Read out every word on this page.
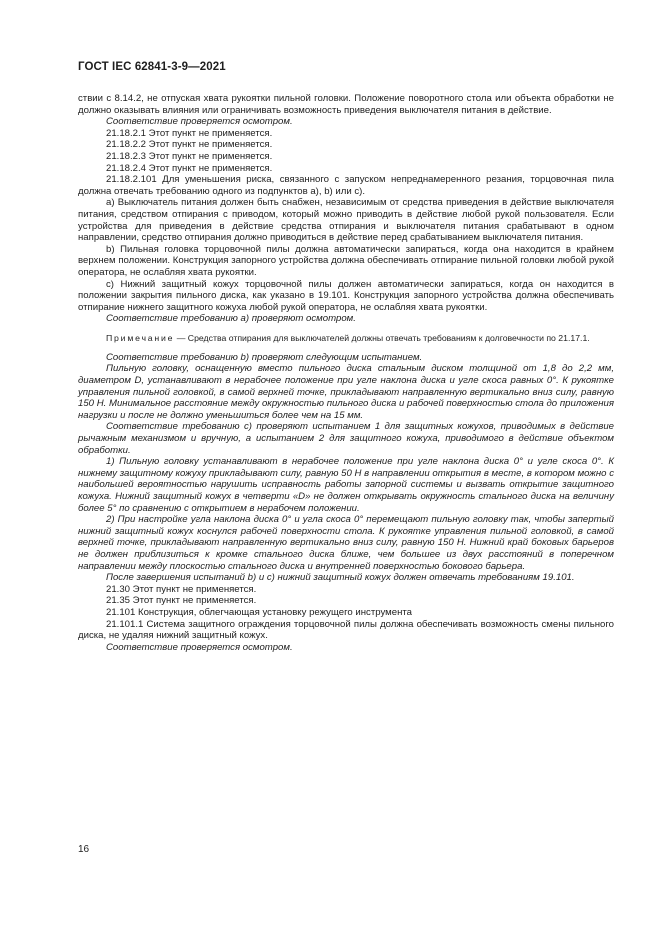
ГОСТ IEC 62841-3-9—2021

ствии с 8.14.2, не отпуская хвата рукоятки пильной головки. Положение поворотного стола или объекта обработки не должно оказывать влияния или ограничивать возможность приведения выключателя питания в действие.

Соответствие проверяется осмотром.

21.18.2.1 Этот пункт не применяется.

21.18.2.2 Этот пункт не применяется.

21.18.2.3 Этот пункт не применяется.

21.18.2.4 Этот пункт не применяется.

21.18.2.101 Для уменьшения риска, связанного с запуском непреднамеренного резания, торцовочная пила должна отвечать требованию одного из подпунктов a), b) или с).

a) Выключатель питания должен быть снабжен, независимым от средства приведения в действие выключателя питания, средством отпирания с приводом, который можно приводить в действие любой рукой пользователя. Если устройства для приведения в действие средства отпирания и выключателя питания срабатывают в одном направлении, средство отпирания должно приводиться в действие перед срабатыванием выключателя питания.

b) Пильная головка торцовочной пилы должна автоматически запираться, когда она находится в крайнем верхнем положении. Конструкция запорного устройства должна обеспечивать отпирание пильной головки любой рукой оператора, не ослабляя хвата рукоятки.

c) Нижний защитный кожух торцовочной пилы должен автоматически запираться, когда он находится в положении закрытия пильного диска, как указано в 19.101. Конструкция запорного устройства должна обеспечивать отпирание нижнего защитного кожуха любой рукой оператора, не ослабляя хвата рукоятки.

Соответствие требованию а) проверяют осмотром.

Примечание — Средства отпирания для выключателей должны отвечать требованиям к долговечности по 21.17.1.

Соответствие требованию b) проверяют следующим испытанием.

Пильную головку, оснащенную вместо пильного диска стальным диском толщиной от 1,8 до 2,2 мм, диаметром D, устанавливают в нерабочее положение при угле наклона диска и угле скоса равных 0°. К рукоятке управления пильной головкой, в самой верхней точке, прикладывают направленную вертикально вниз силу, равную 150 Н. Минимальное расстояние между окружностью пильного диска и рабочей поверхностью стола до приложения нагрузки и после не должно уменьшиться более чем на 15 мм.

Соответствие требованию с) проверяют испытанием 1 для защитных кожухов, приводимых в действие рычажным механизмом и вручную, а испытанием 2 для защитного кожуха, приводимого в действие объектом обработки.

1) Пильную головку устанавливают в нерабочее положение при угле наклона диска 0° и угле скоса 0°. К нижнему защитному кожуху прикладывают силу, равную 50 Н в направлении открытия в месте, в котором можно с наибольшей вероятностью нарушить исправность работы запорной системы и вызвать открытие защитного кожуха. Нижний защитный кожух в четверти «D» не должен открывать окружность стального диска на величину более 5° по сравнению с открытием в нерабочем положении.

2) При настройке угла наклона диска 0° и угла скоса 0° перемещают пильную головку так, чтобы запертый нижний защитный кожух коснулся рабочей поверхности стола. К рукоятке управления пильной головкой, в самой верхней точке, прикладывают направленную вертикально вниз силу, равную 150 Н. Нижний край боковых барьеров не должен приблизиться к кромке стального диска ближе, чем большее из двух расстояний в поперечном направлении между плоскостью стального диска и внутренней поверхностью бокового барьера.

После завершения испытаний b) и с) нижний защитный кожух должен отвечать требованиям 19.101.

21.30 Этот пункт не применяется.

21.35 Этот пункт не применяется.

21.101 Конструкция, облегчающая установку режущего инструмента

21.101.1 Система защитного ограждения торцовочной пилы должна обеспечивать возможность смены пильного диска, не удаляя нижний защитный кожух.

Соответствие проверяется осмотром.

16
